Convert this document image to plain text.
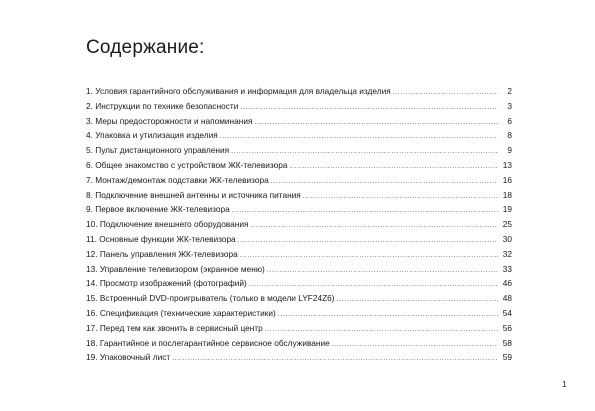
Содержание:
1. Условия гарантийного обслуживания и информация для владельца изделия .....	2
2. Инструкции по технике безопасности .....	3
3. Меры предосторожности и напоминания .....	6
4. Упаковка и утилизация изделия .....	8
5. Пульт дистанционного управления .....	9
6. Общее знакомство с устройством ЖК-телевизора .....	13
7. Монтаж/демонтаж подставки ЖК-телевизора .....	16
8. Подключение внешней антенны и источника питания .....	18
9. Первое включение ЖК-телевизора .....	19
10. Подключение внешнего оборудования .....	25
11. Основные функции ЖК-телевизора .....	30
12. Панель управления ЖК-телевизора .....	32
13. Управление телевизором (экранное меню) .....	33
14. Просмотр изображений (фотографий) .....	46
15. Встроенный DVD-проигрыватель (только в модели LYF24Z6) .....	48
16. Спецификация (технические характеристики) .....	54
17. Перед тем как звонить в сервисный центр .....	56
18. Гарантийное и послегарантийное сервисное обслуживание .....	58
19. Упаковочный лист .....	59
1
